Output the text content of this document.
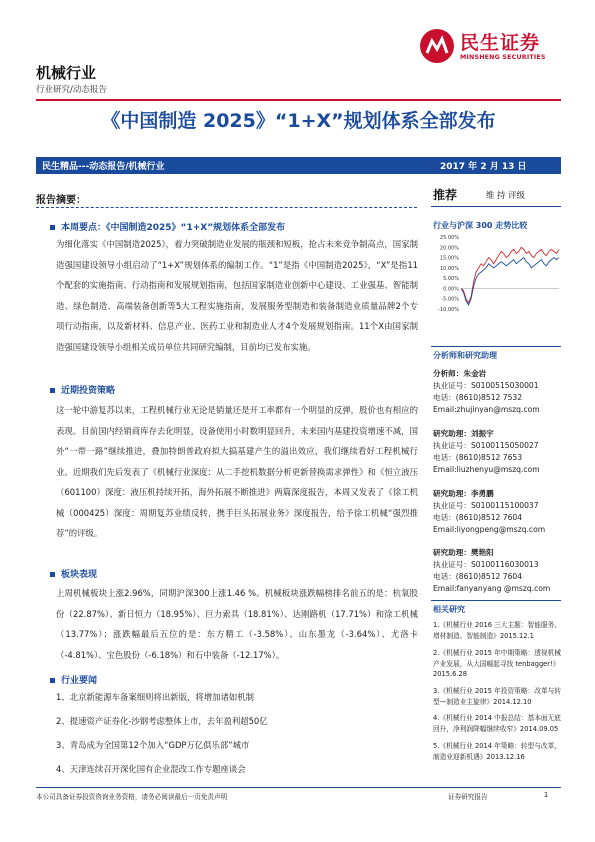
机械行业
行业研究/动态报告
民生证券
MINSHENG SECURITIES
《中国制造 2025》“1+X”规划体系全部发布
民生精品---动态报告/机械行业	2017 年 2 月 13 日
报告摘要：
本周要点：《中国制造2025》“1+X”规划体系全部发布
为细化落实《中国制造2025》，着力突破制造业发展的瓶颈和短板，抢占未来竞争制高点，国家制造强国建设领导小组启动了“1+X”规划体系的编制工作。“1”是指《中国制造2025》，“X”是指11个配套的实施指南、行动指南和发展规划指南，包括国家制造业创新中心建设、工业强基、智能制造、绿色制造、高端装备创新等5大工程实施指南，发展服务型制造和装备制造业质量品牌2个专项行动指南，以及新材料、信息产业、医药工业和制造业人才4个发展规划指南。11个X由国家制造强国建设领导小组相关成员单位共同研究编制，目前均已发布实施。
近期投资策略
这一轮中游复苏以来，工程机械行业无论是销量还是开工率都有一个明显的反弹，股价也有相应的表现。目前国内经销商库存去化明显，设备使用小时数明显回升，未来国内基建投资增速不减，国外“一带一路”继续推进，叠加特朗普政府拟大搞基建产生的溢出效应，我们继续看好工程机械行业。近期我们先后发表了《机械行业深度：从二手挖机数据分析更新替换需求弹性》和《恒立液压（601100）深度：液压机持续开拓，海外拓展不断推进》两篇深度报告，本周又发表了《徐工机械（000425）深度：周期复苏业绩反转，携手巨头拓展业务》深度报告，给予徐工机械“强烈推荐”的评级。
板块表现
上周机械板块上涨2.96%，同期沪深300上涨1.46 %。机械板块涨跌幅榜排名前五的是：杭氧股份（22.87%）、新日恒力（18.95%）、巨力索具（18.81%）、达刚路机（17.71%）和徐工机械（13.77%）；涨跌幅最后五位的是：东方精工（-3.58%）、山东墨龙（-3.64%）、尤洛卡（-4.81%）、宝色股份（-6.18%）和石中装备（-12.17%）。
行业要闻
1、北京新能源车备案细则将出新版，将增加诸如机制
2、提速资产证券化-沙钢考虑整体上市，去年盈利超50亿
3、青岛成为全国第12个加入“GDP万亿俱乐部”城市
4、天津连续召开深化国有企业混改工作专题座谈会
推荐	维 持 评级
行业与沪深 300 走势比较
25.00%
20.00%
15.00%
10.00%
5.00%
0.00%
-5.00%
-10.00%
分析师和研究助理
分析师：朱金岩
执业证号：S0100515030001
电话：(8610)8512 7532
Email:zhujinyan@mszq.com
研究助理：刘振宇
执业证号：S0100115050027
电话：(8610)8512 7653
Email:liuzhenyu@mszq.com
研究助理：李勇鹏
执业证号：S0100115100037
电话：(8610)8512 7604
Email:liyongpeng@mszq.com
研究助理：樊艳阳
执业证号：S0100116030013
电话：(8610)8512 7604
Email:fanyanyang @mszq.com
相关研究
1.《机械行业 2016 三大主题：智能服务、增材制造、智能制造》2015.12.1
2.《机械行业 2015 年中期策略：透视机械产业发展，从大国崛起寻找 tenbagger!》2015.6.28
3.《机械行业 2015 年投资策略：改革与转型—制造业主旋律》2014.12.10
4.《机械行业 2014 中报总结：基本面无底回升，净利润降幅继续收窄》2014.09.05
5.《机械行业 2014 年策略：转型与改革，制造业迎新机遇》2013.12.16
本公司具备证券投资咨询业务资格，请务必阅读最后一页免责声明	证券研究报告	1
